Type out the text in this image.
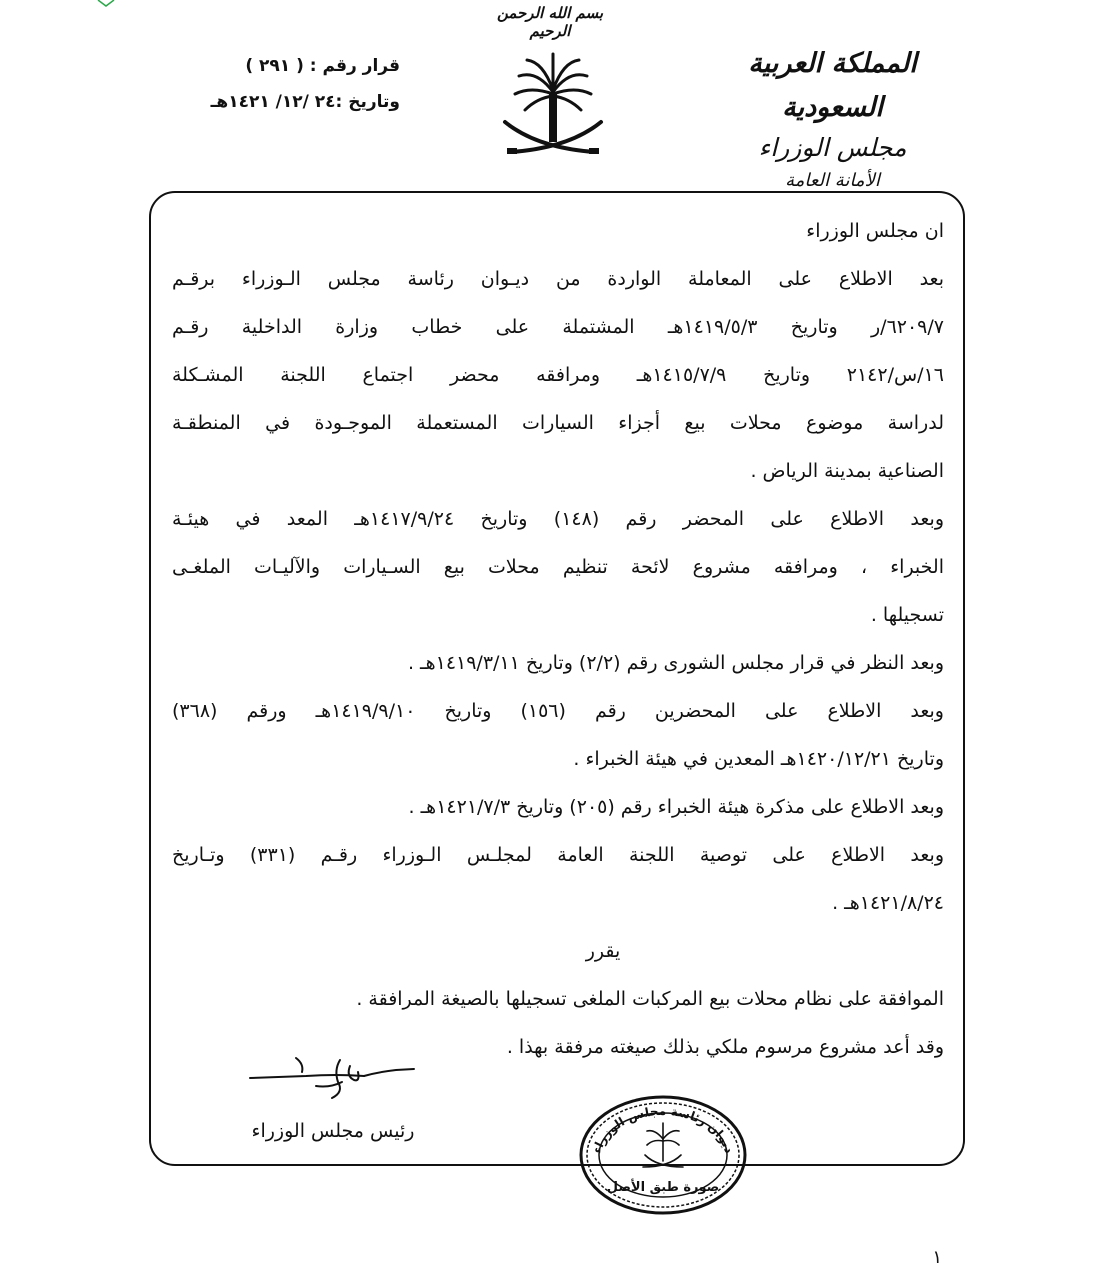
بسم الله الرحمن الرحيم
قرار رقم : ( ٢٩١ )
وتاريخ :٢٤ /١٢/ ١٤٢١هـ
المملكة العربية السعودية
مجلس الوزراء
الأمانة العامة

ان مجلس الوزراء

بعد الاطلاع على المعاملة الواردة من ديـوان رئاسة مجلس الـوزراء برقـم

٦٢٠٩/٧/ر وتاريخ ١٤١٩/٥/٣هـ المشتملة على خطاب وزارة الداخلية رقـم

١٦/س/٢١٤٢ وتاريخ ١٤١٥/٧/٩هـ ومرافقه محضر اجتماع اللجنة المشـكلة

لدراسة موضوع محلات بيع أجزاء السيارات المستعملة الموجـودة في المنطقـة

الصناعية بمدينة الرياض .

وبعد الاطلاع على المحضر رقم (١٤٨) وتاريخ ١٤١٧/٩/٢٤هـ المعد في هيئـة

الخبراء ، ومرافقه مشروع لائحة تنظيم محلات بيع السـيارات والآليـات الملغـى

تسجيلها .

وبعد النظر في قرار مجلس الشورى رقم (٢/٢) وتاريخ ١٤١٩/٣/١١هـ .

وبعد الاطلاع على المحضرين رقم (١٥٦) وتاريخ ١٤١٩/٩/١٠هـ ورقم (٣٦٨)

وتاريخ ١٤٢٠/١٢/٢١هـ المعدين في هيئة الخبراء .

وبعد الاطلاع على مذكرة هيئة الخبراء رقم (٢٠٥) وتاريخ ١٤٢١/٧/٣هـ .

وبعد الاطلاع على توصية اللجنة العامة لمجلـس الـوزراء رقـم (٣٣١) وتـاريخ

١٤٢١/٨/٢٤هـ .

يقرر

الموافقة على نظام محلات بيع المركبات الملغى تسجيلها بالصيغة المرافقة .

وقد أعد مشروع مرسوم ملكي بذلك صيغته مرفقة بهذا .

رئيس مجلس الوزراء
ديوان رئاسة مجلس الوزراء
صورة طبق الأصل
١
